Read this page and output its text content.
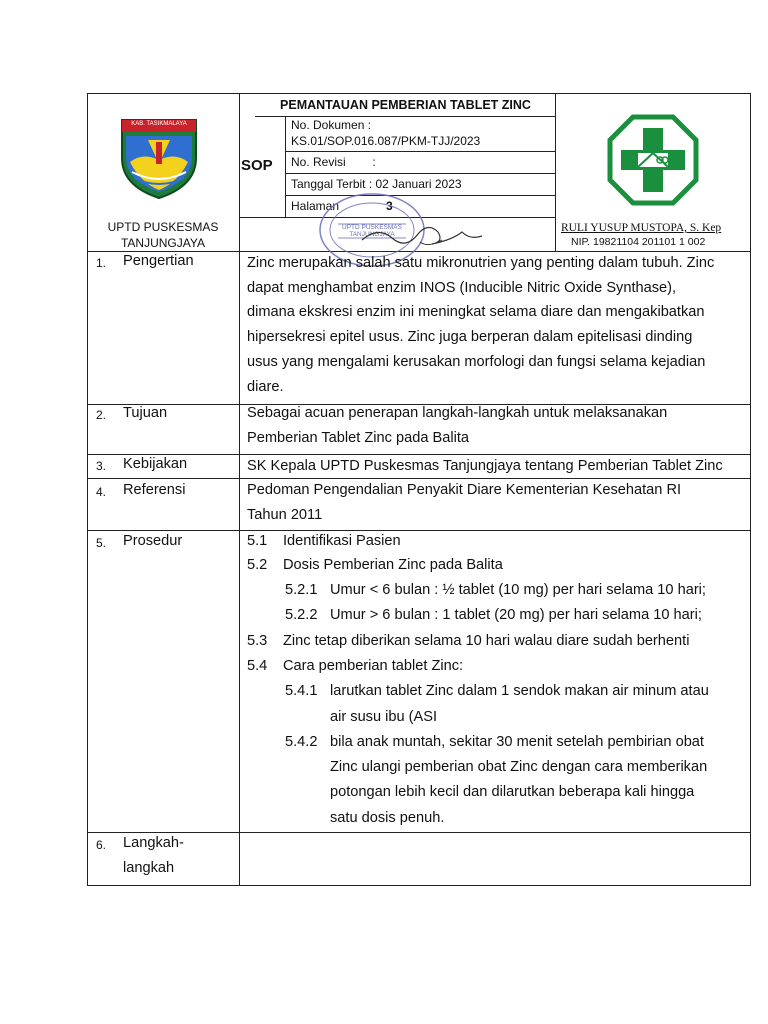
KAB. TASIKMALAYA
PEMANTAUAN PEMBERIAN TABLET ZINC
SOP
No. Dokumen :
KS.01/SOP.016.087/PKM-TJJ/2023
No. Revisi        :
Tanggal Terbit : 02 Januari 2023
Halaman	3
UPTD PUSKESMAS
TANJUNGJAYA
UPTD PUSKESMAS TANJUNGJAYA
RULI YUSUP MUSTOPA, S. Kep
NIP. 19821104 201101 1 002
1. Pengertian	Zinc merupakan salah satu mikronutrien yang penting dalam tubuh. Zinc
dapat menghambat enzim INOS (Inducible Nitric Oxide Synthase),
dimana ekskresi enzim ini meningkat selama diare dan mengakibatkan
hipersekresi epitel usus. Zinc juga berperan dalam epitelisasi dinding
usus yang mengalami kerusakan morfologi dan fungsi selama kejadian
diare.
2. Tujuan	Sebagai acuan penerapan langkah-langkah untuk melaksanakan
Pemberian Tablet Zinc pada Balita
3. Kebijakan	SK Kepala UPTD Puskesmas Tanjungjaya tentang Pemberian Tablet Zinc
4. Referensi	Pedoman Pengendalian Penyakit Diare Kementerian Kesehatan RI
Tahun 2011
5. Prosedur	5.1 Identifikasi Pasien
5.2 Dosis Pemberian Zinc pada Balita
5.2.1 Umur < 6 bulan : ½ tablet (10 mg) per hari selama 10 hari;
5.2.2 Umur > 6 bulan : 1 tablet (20 mg) per hari selama 10 hari;
5.3 Zinc tetap diberikan selama 10 hari walau diare sudah berhenti
5.4 Cara pemberian tablet Zinc:
5.4.1 larutkan tablet Zinc dalam 1 sendok makan air minum atau
air susu ibu (ASI
5.4.2 bila anak muntah, sekitar 30 menit setelah pembirian obat
Zinc ulangi pemberian obat Zinc dengan cara memberikan
potongan lebih kecil dan dilarutkan beberapa kali hingga
satu dosis penuh.
6. Langkah-
langkah
